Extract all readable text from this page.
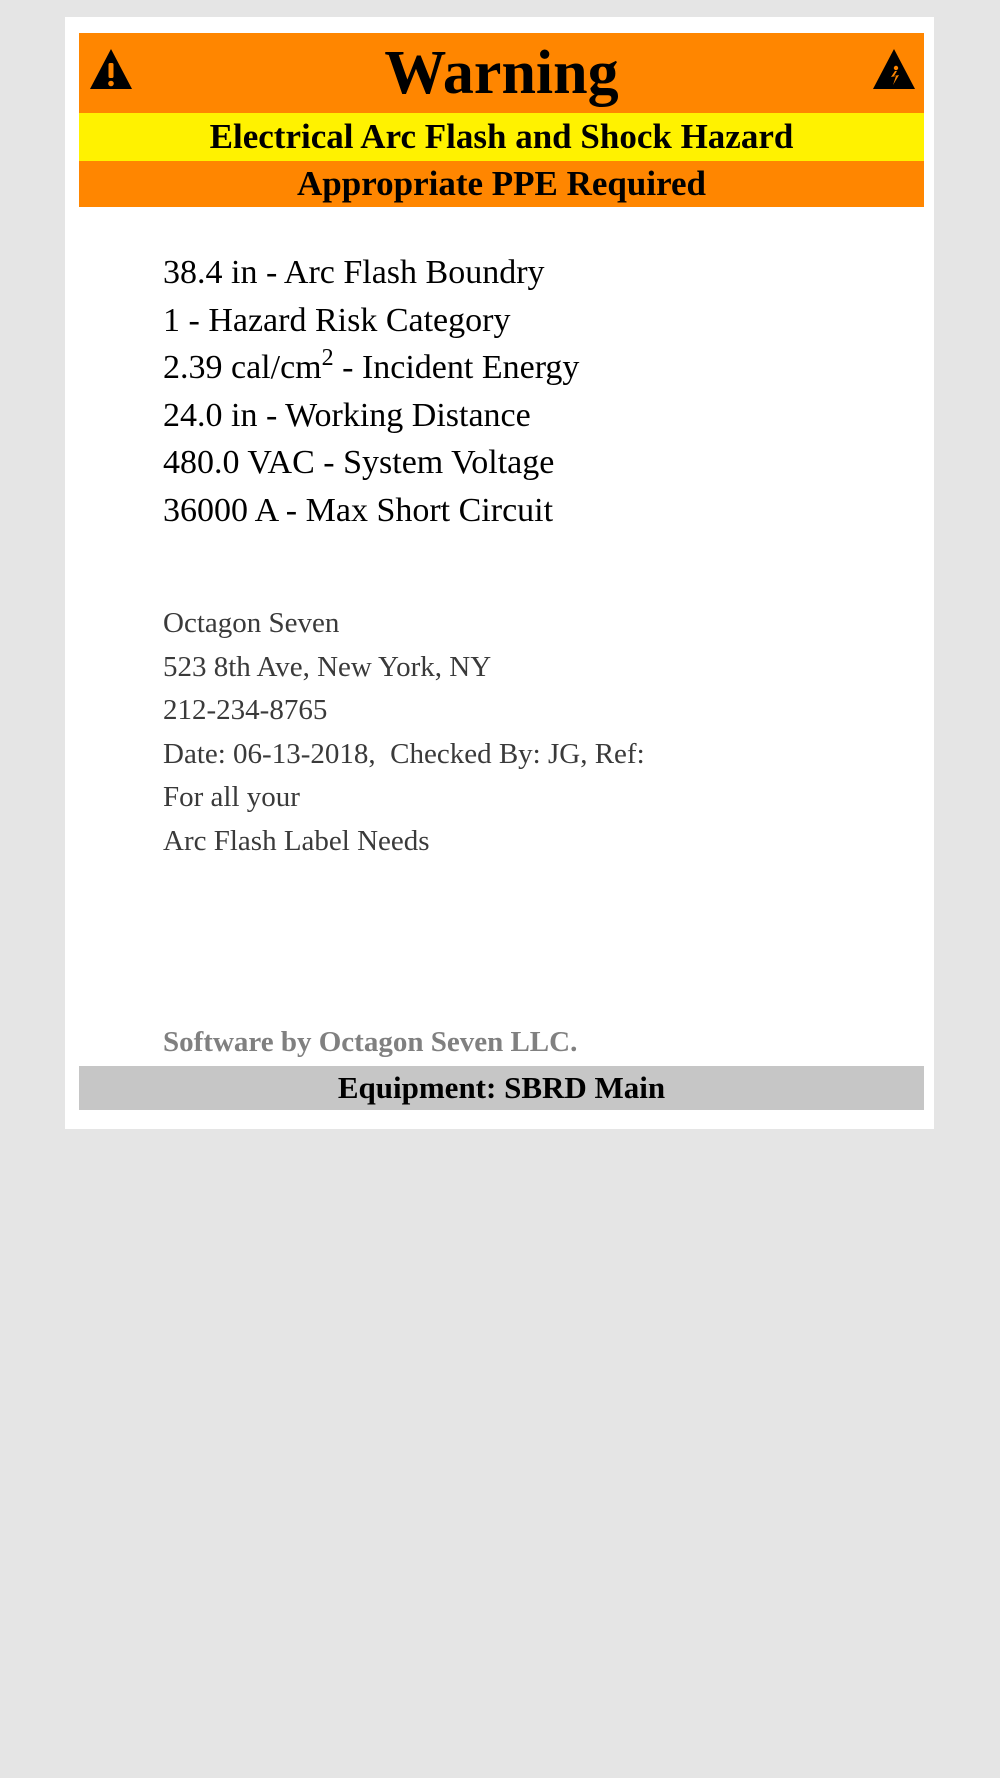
Warning
Electrical Arc Flash and Shock Hazard
Appropriate PPE Required
38.4 in - Arc Flash Boundry
1 - Hazard Risk Category
2.39 cal/$cm^2$ - Incident Energy
24.0 in - Working Distance
480.0 VAC - System Voltage
36000 A - Max Short Circuit
Octagon Seven
523 8th Ave, New York, NY
212-234-8765
Date: 06-13-2018,  Checked By: JG, Ref:
For all your
Arc Flash Label Needs
Software by Octagon Seven LLC.
Equipment: SBRD Main
